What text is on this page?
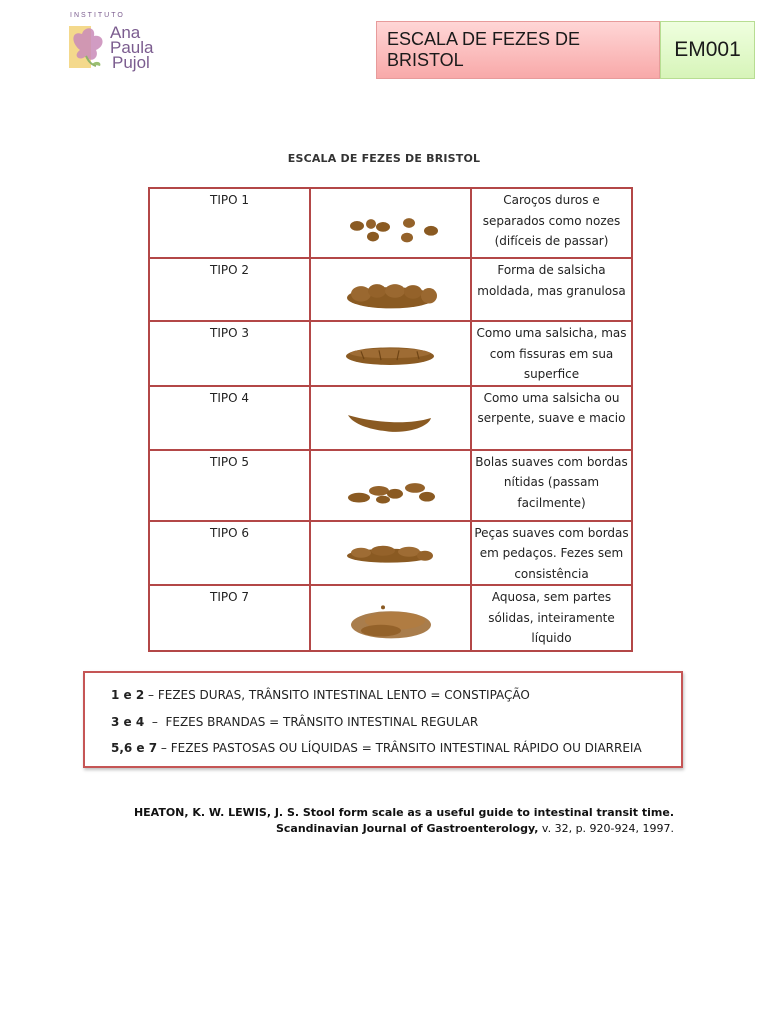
INSTITUTO
Ana
Paula
Pujol
ESCALA DE FEZES DE BRISTOL	EM001
ESCALA DE FEZES DE BRISTOL
TIPO 1		Caroços duros e separados como nozes (difíceis de passar)
TIPO 2		Forma de salsicha moldada, mas granulosa
TIPO 3		Como uma salsicha, mas com fissuras em sua superfice
TIPO 4		Como uma salsicha ou serpente, suave e macio
TIPO 5		Bolas suaves com bordas nítidas (passam facilmente)
TIPO 6		Peças suaves com bordas em pedaços. Fezes sem consistência
TIPO 7		Aquosa, sem partes sólidas, inteiramente líquido
1 e 2 – FEZES DURAS, TRÂNSITO INTESTINAL LENTO = CONSTIPAÇÃO
3 e 4  –  FEZES BRANDAS = TRÂNSITO INTESTINAL REGULAR
5,6 e 7 – FEZES PASTOSAS OU LÍQUIDAS = TRÂNSITO INTESTINAL RÁPIDO OU DIARREIA
HEATON, K. W. LEWIS, J. S. Stool form scale as a useful guide to intestinal transit time.
Scandinavian Journal of Gastroenterology, v. 32, p. 920-924, 1997.
